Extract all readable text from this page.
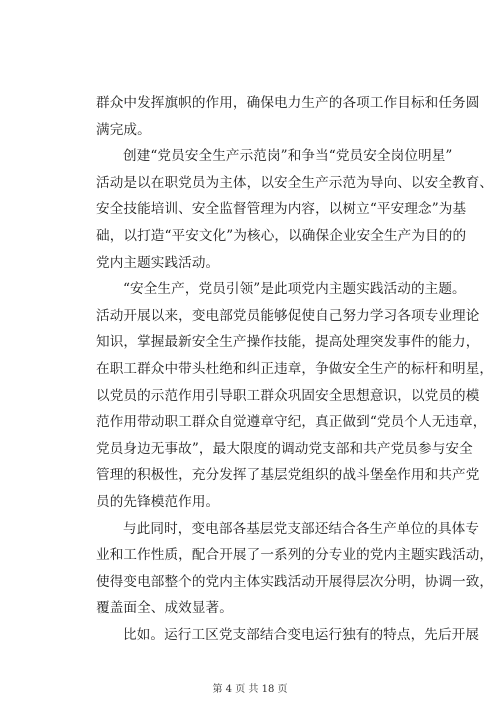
群众中发挥旗帜的作用，确保电力生产的各项工作目标和任务圆
满完成。
创建“党员安全生产示范岗”和争当“党员安全岗位明星”
活动是以在职党员为主体，以安全生产示范为导向、以安全教育、
安全技能培训、安全监督管理为内容，以树立“平安理念”为基
础，以打造“平安文化”为核心，以确保企业安全生产为目的的
党内主题实践活动。
“安全生产，党员引领”是此项党内主题实践活动的主题。
活动开展以来，变电部党员能够促使自己努力学习各项专业理论
知识，掌握最新安全生产操作技能，提高处理突发事件的能力，
在职工群众中带头杜绝和纠正违章，争做安全生产的标杆和明星，
以党员的示范作用引导职工群众巩固安全思想意识，以党员的模
范作用带动职工群众自觉遵章守纪，真正做到“党员个人无违章，
党员身边无事故”，最大限度的调动党支部和共产党员参与安全
管理的积极性，充分发挥了基层党组织的战斗堡垒作用和共产党
员的先锋模范作用。
与此同时，变电部各基层党支部还结合各生产单位的具体专
业和工作性质，配合开展了一系列的分专业的党内主题实践活动，
使得变电部整个的党内主体实践活动开展得层次分明，协调一致，
覆盖面全、成效显著。
比如。运行工区党支部结合变电运行独有的特点，先后开展
第 4 页 共 18 页
